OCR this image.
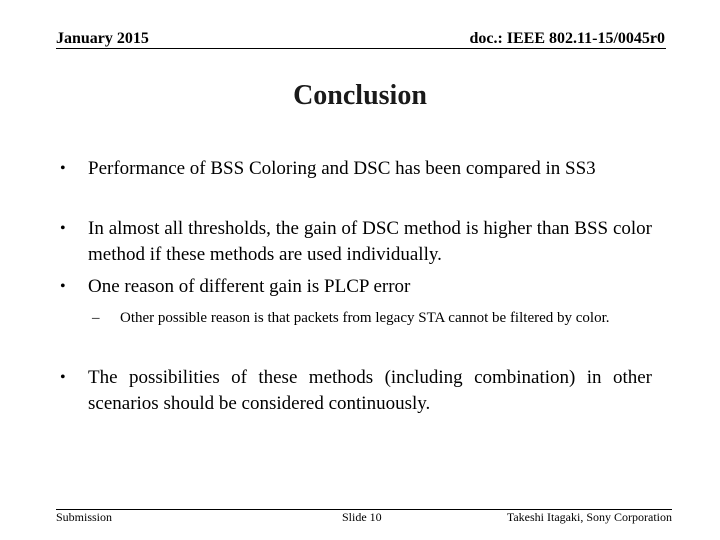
January 2015	doc.: IEEE 802.11-15/0045r0
Conclusion
• Performance of BSS Coloring and DSC has been compared in SS3
• In almost all thresholds, the gain of DSC method is higher than BSS color method if these methods are used individually.
• One reason of different gain is PLCP error
– Other possible reason is that packets from legacy STA cannot be filtered by color.
• The possibilities of these methods (including combination) in other scenarios should be considered continuously.
Submission	Slide 10	Takeshi Itagaki, Sony Corporation
